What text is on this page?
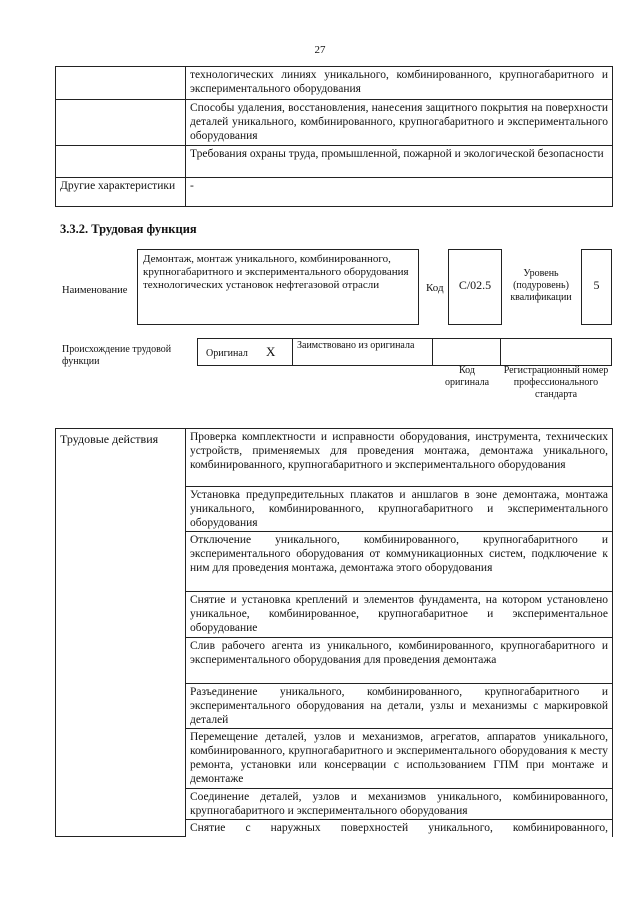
27
	технологических линиях уникального, комбинированного, крупногабаритного и экспериментального оборудования
	Способы удаления, восстановления, нанесения защитного покрытия на поверхности деталей уникального, комбинированного, крупногабаритного и экспериментального оборудования
	Требования охраны труда, промышленной, пожарной и экологической безопасности
Другие характеристики	-
3.3.2. Трудовая функция
Наименование
Демонтаж, монтаж уникального, комбинированного, крупногабаритного и экспериментального оборудования технологических установок нефтегазовой отрасли	Код	C/02.5
Уровень (подуровень) квалификации
5
Происхождение трудовой функции
Оригинал X	Заимствовано из оригинала
Код оригинала
Регистрационный номер профессионального стандарта
Трудовые действия	Проверка комплектности и исправности оборудования, инструмента, технических устройств, применяемых для проведения монтажа, демонтажа уникального, комбинированного, крупногабаритного и экспериментального оборудования
Установка предупредительных плакатов и аншлагов в зоне демонтажа, монтажа уникального, комбинированного, крупногабаритного и экспериментального оборудования
Отключение уникального, комбинированного, крупногабаритного и экспериментального оборудования от коммуникационных систем, подключение к ним для проведения монтажа, демонтажа этого оборудования
Снятие и установка креплений и элементов фундамента, на котором установлено уникальное, комбинированное, крупногабаритное и экспериментальное оборудование
Слив рабочего агента из уникального, комбинированного, крупногабаритного и экспериментального оборудования для проведения демонтажа
Разъединение уникального, комбинированного, крупногабаритного и экспериментального оборудования на детали, узлы и механизмы с маркировкой деталей
Перемещение деталей, узлов и механизмов, агрегатов, аппаратов уникального, комбинированного, крупногабаритного и экспериментального оборудования к месту ремонта, установки или консервации с использованием ГПМ при монтаже и демонтаже
Соединение деталей, узлов и механизмов уникального, комбинированного, крупногабаритного и экспериментального оборудования
Снятие с наружных поверхностей уникального, комбинированного,
